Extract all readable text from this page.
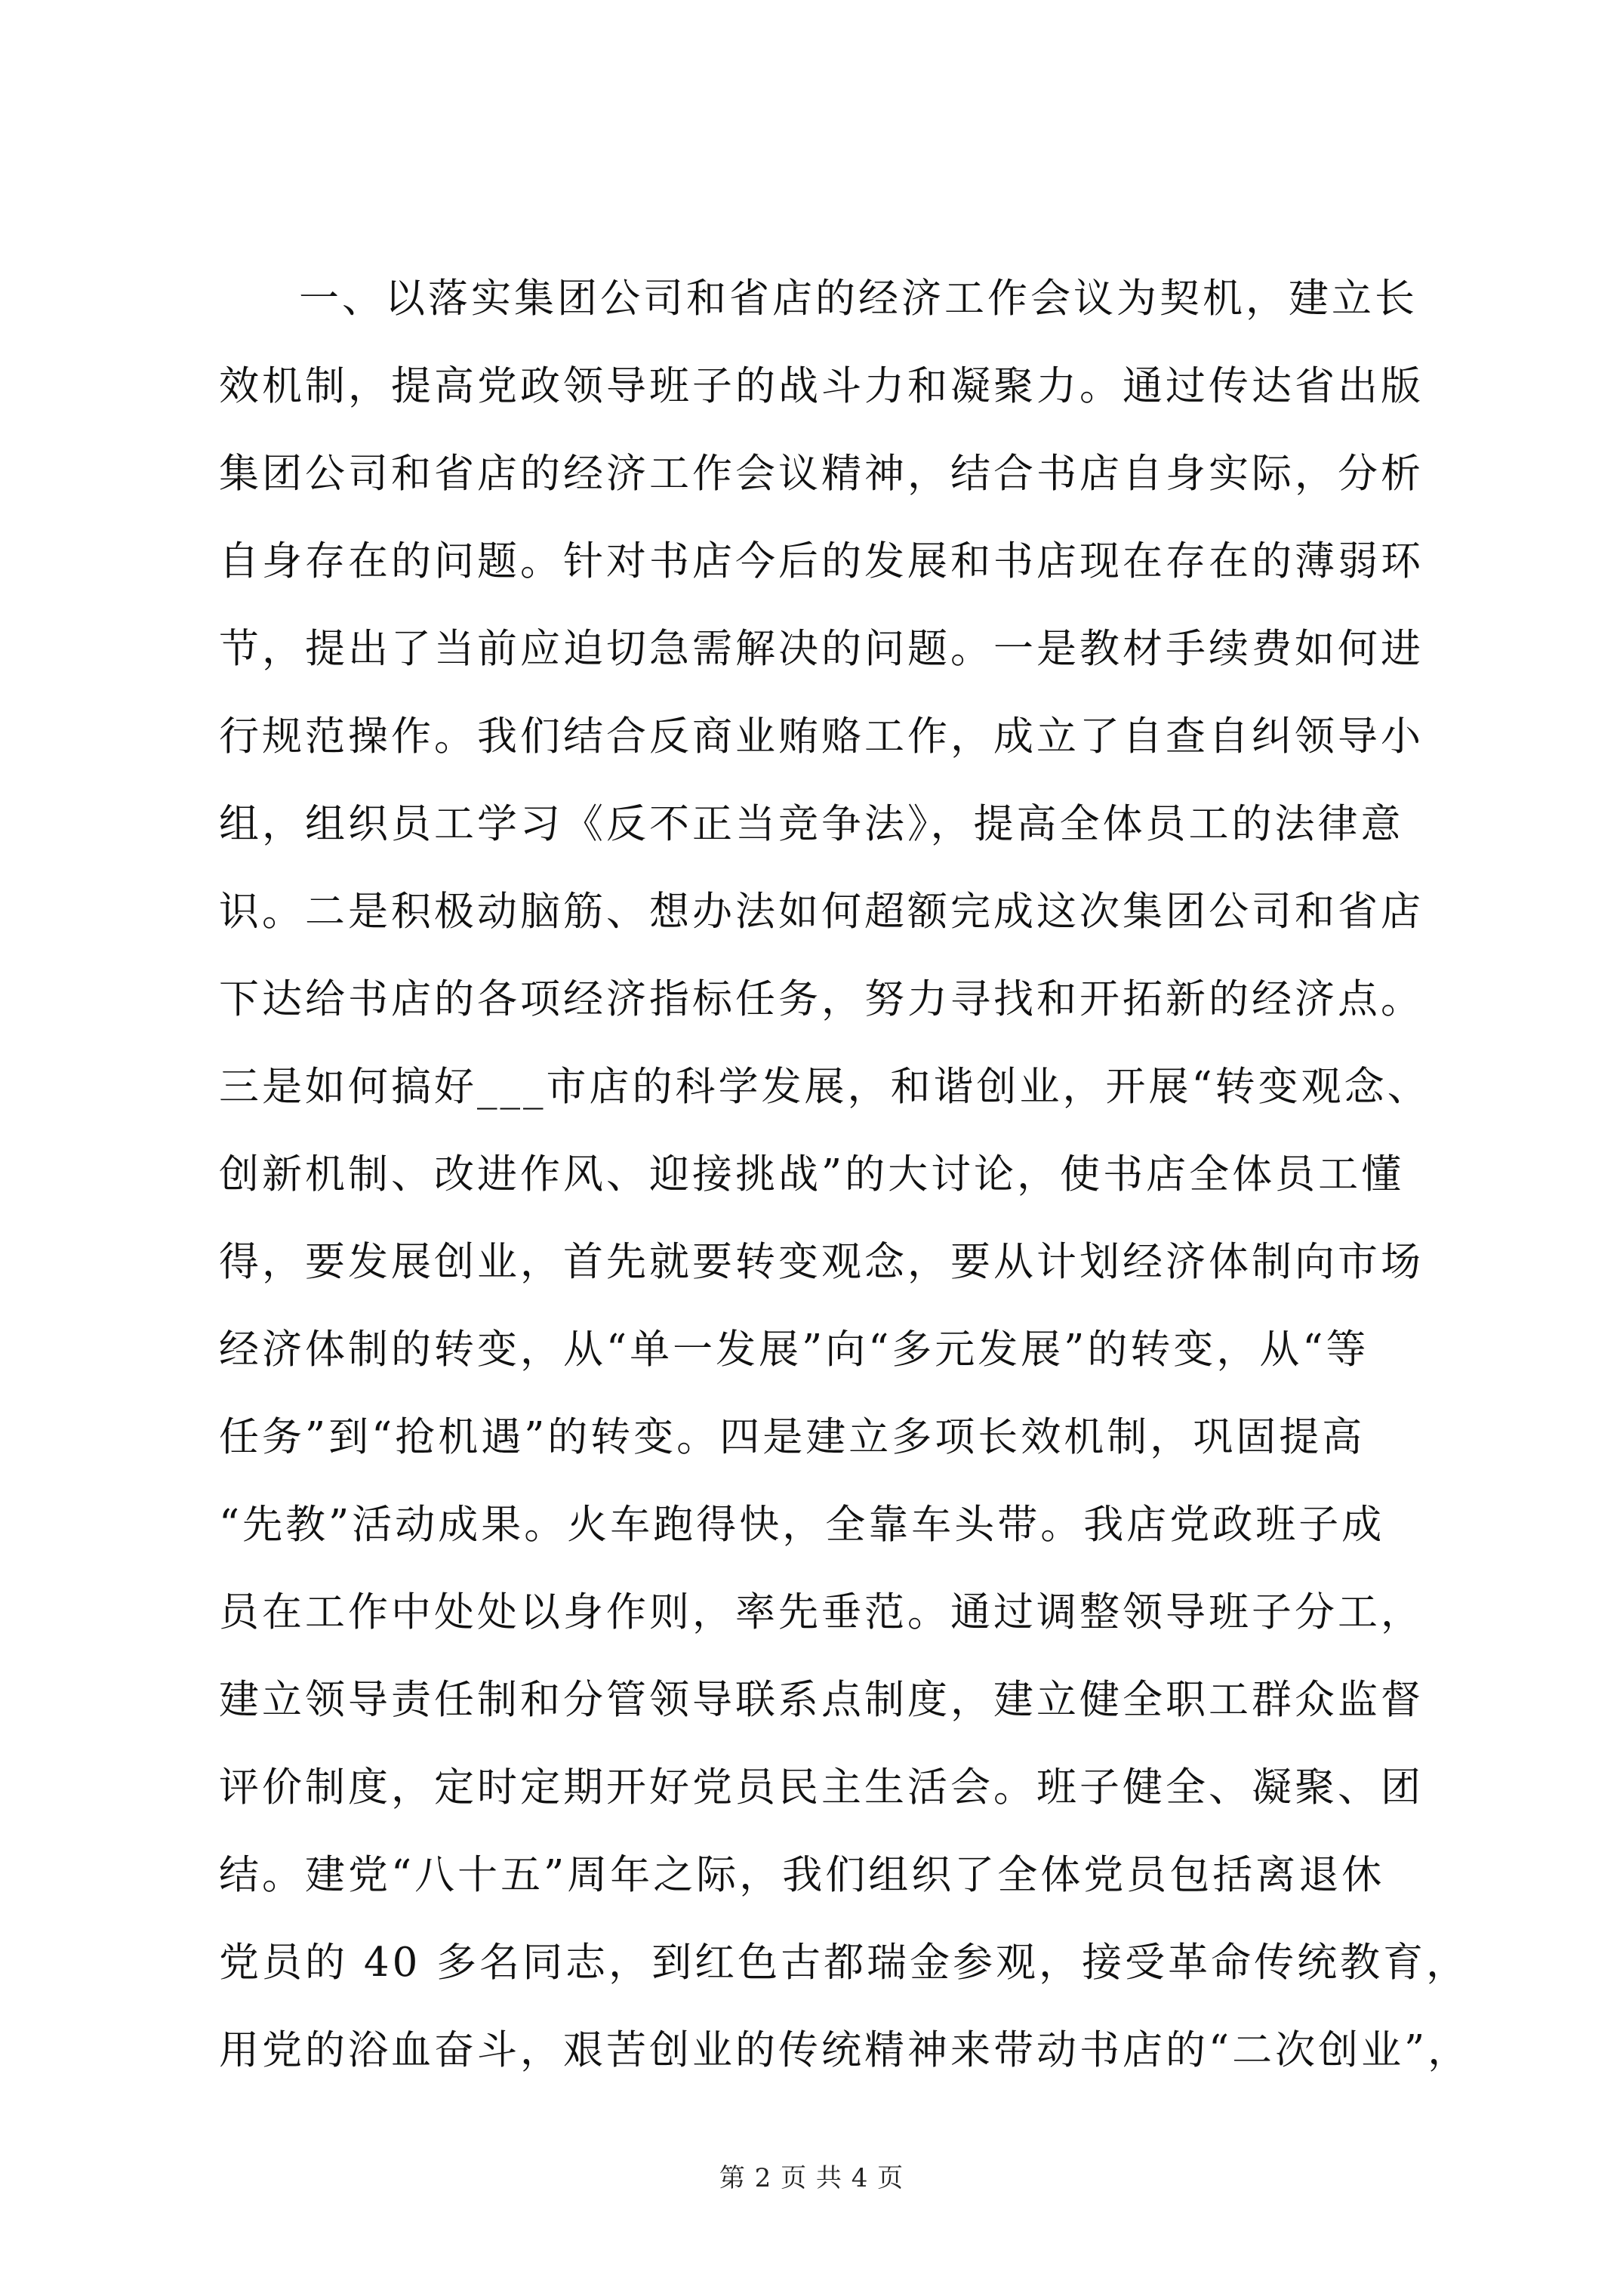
一、以落实集团公司和省店的经济工作会议为契机，建立长
效机制，提高党政领导班子的战斗力和凝聚力。通过传达省出版
集团公司和省店的经济工作会议精神，结合书店自身实际，分析
自身存在的问题。针对书店今后的发展和书店现在存在的薄弱环
节，提出了当前应迫切急需解决的问题。一是教材手续费如何进
行规范操作。我们结合反商业贿赂工作，成立了自查自纠领导小
组，组织员工学习《反不正当竞争法》，提高全体员工的法律意
识。二是积极动脑筋、想办法如何超额完成这次集团公司和省店
下达给书店的各项经济指标任务，努力寻找和开拓新的经济点。
三是如何搞好___市店的科学发展，和谐创业，开展“转变观念、
创新机制、改进作风、迎接挑战”的大讨论，使书店全体员工懂
得，要发展创业，首先就要转变观念，要从计划经济体制向市场
经济体制的转变，从“单一发展”向“多元发展”的转变，从“等
任务”到“抢机遇”的转变。四是建立多项长效机制，巩固提高
“先教”活动成果。火车跑得快，全靠车头带。我店党政班子成
员在工作中处处以身作则，率先垂范。通过调整领导班子分工，
建立领导责任制和分管领导联系点制度，建立健全职工群众监督
评价制度，定时定期开好党员民主生活会。班子健全、凝聚、团
结。建党“八十五”周年之际，我们组织了全体党员包括离退休
党员的 40 多名同志，到红色古都瑞金参观，接受革命传统教育，
用党的浴血奋斗，艰苦创业的传统精神来带动书店的“二次创业”，
第 2 页 共 4 页
